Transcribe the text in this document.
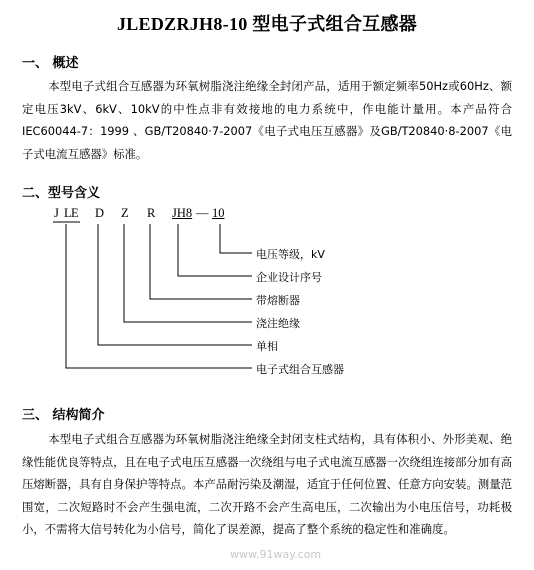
JLEDZRJH8-10 型电子式组合互感器
一、 概述
本型电子式组合互感器为环氧树脂浇注绝缘全封闭产品，适用于额定频率50Hz或60Hz、额定电压3kV、6kV、10kV的中性点非有效接地的电力系统中，作电能计量用。本产品符合IEC60044-7：1999 、GB/T20840·7-2007《电子式电压互感器》及GB/T20840·8-2007《电子式电流互感器》标准。
二、型号含义
J L E D Z R JH8 — 10
电压等级，kV
企业设计序号
带熔断器
浇注绝缘
单相
电子式组合互感器
三、 结构简介
本型电子式组合互感器为环氧树脂浇注绝缘全封闭支柱式结构，具有体积小、外形美观、绝缘性能优良等特点，且在电子式电压互感器一次绕组与电子式电流互感器一次绕组连接部分加有高压熔断器，具有自身保护等特点。本产品耐污染及潮湿，适宜于任何位置、任意方向安装。测量范围宽，二次短路时不会产生强电流，二次开路不会产生高电压，二次输出为小电压信号，功耗极小，不需将大信号转化为小信号，简化了误差源，提高了整个系统的稳定性和准确度。
www.91way.com
